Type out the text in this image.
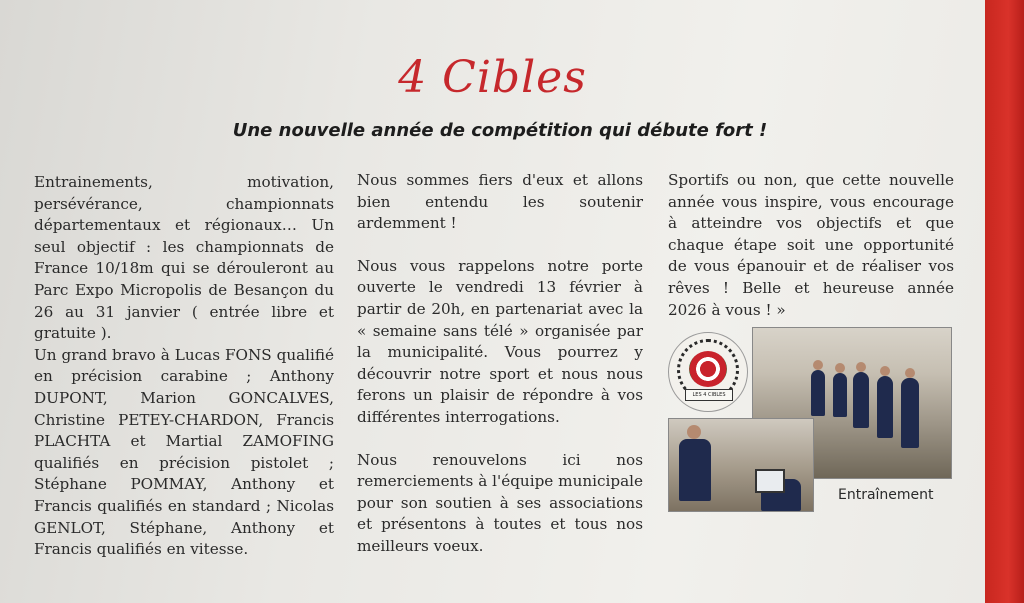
4 Cibles
Une nouvelle année de compétition qui débute fort !

Entrainements, motivation, persévérance, championnats départementaux et régionaux… Un seul objectif : les championnats de France 10/18m qui se dérouleront au Parc Expo Micropolis de Besançon du 26 au 31 janvier ( entrée libre et gratuite ).

Un grand bravo à Lucas FONS qualifié en précision carabine ; Anthony DUPONT, Marion GONCALVES, Christine PETEY-CHARDON, Francis PLACHTA et Martial ZAMOFING qualifiés en précision pistolet ; Stéphane POMMAY, Anthony et Francis qualifiés en standard ; Nicolas GENLOT, Stéphane, Anthony et Francis qualifiés en vitesse.

Nous sommes fiers d'eux et allons bien entendu les soutenir ardemment !

Nous vous rappelons notre porte ouverte le vendredi 13 février à partir de 20h, en partenariat avec la « semaine sans télé » organisée par la municipalité. Vous pourrez y découvrir notre sport et nous nous ferons un plaisir de répondre à vos différentes interrogations.

Nous renouvelons ici nos remerciements à l'équipe municipale pour son soutien à ses associations et présentons à toutes et tous nos meilleurs voeux.

Sportifs ou non, que cette nouvelle année vous inspire, vous encourage à atteindre vos objectifs et que chaque étape soit une opportunité de vous épanouir et de réaliser vos rêves ! Belle et heureuse année 2026 à vous ! »

LES 4 CIBLES
Entraînement
